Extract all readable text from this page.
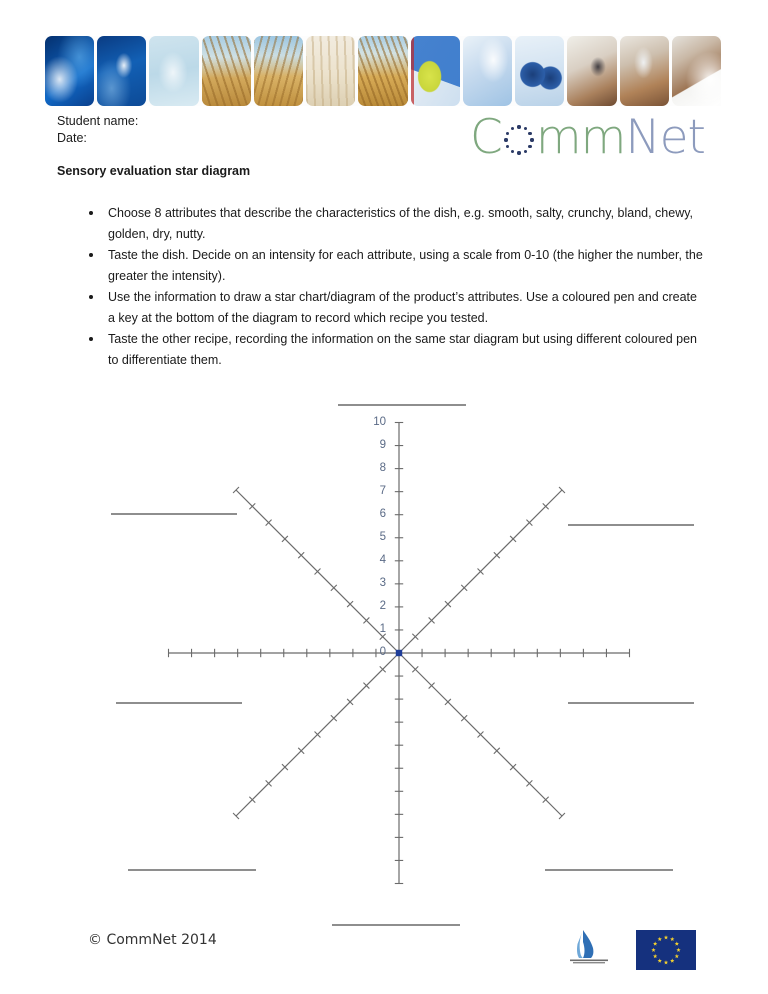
Student name:
Date:	C mmNet
Sensory evaluation star diagram
• Choose 8 attributes that describe the characteristics of the dish, e.g. smooth, salty, crunchy, bland, chewy, golden, dry, nutty.
• Taste the dish. Decide on an intensity for each attribute, using a scale from 0-10 (the higher the number, the greater the intensity).
• Use the information to draw a star chart/diagram of the product’s attributes. Use a coloured pen and create a key at the bottom of the diagram to record which recipe you tested.
• Taste the other recipe, recording the information on the same star diagram but using different coloured pen to differentiate them.
10
9
8
7
6
5
4
3
2
1
0
© CommNet 2014
